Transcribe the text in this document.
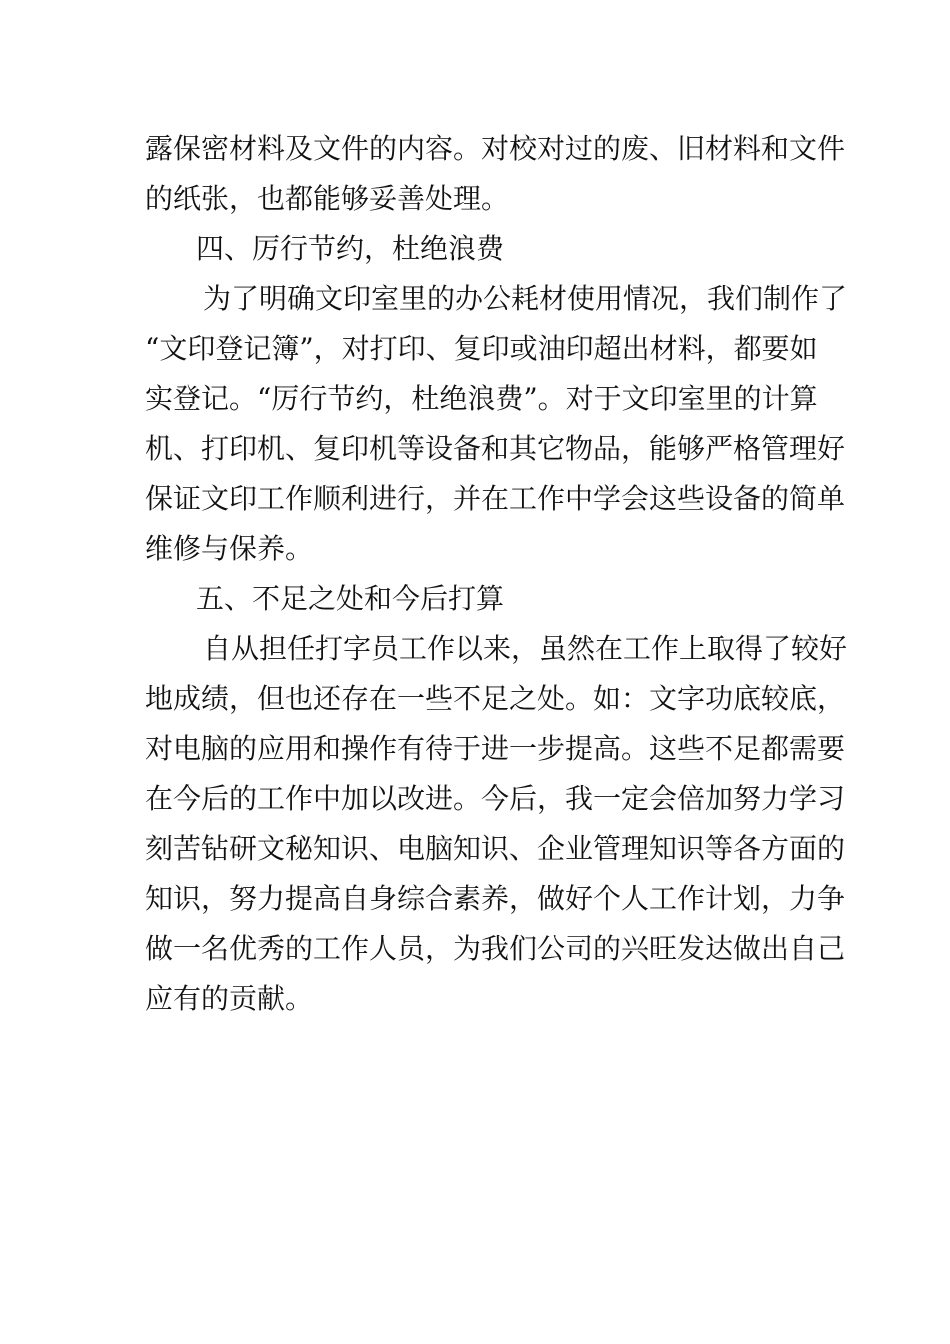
露保密材料及文件的内容。对校对过的废、旧材料和文件
的纸张，也都能够妥善处理。
四、厉行节约，杜绝浪费
为了明确文印室里的办公耗材使用情况，我们制作了
“文印登记簿”，对打印、复印或油印超出材料，都要如
实登记。“厉行节约，杜绝浪费”。对于文印室里的计算
机、打印机、复印机等设备和其它物品，能够严格管理好
保证文印工作顺利进行，并在工作中学会这些设备的简单
维修与保养。
五、不足之处和今后打算
自从担任打字员工作以来，虽然在工作上取得了较好
地成绩，但也还存在一些不足之处。如：文字功底较底，
对电脑的应用和操作有待于进一步提高。这些不足都需要
在今后的工作中加以改进。今后，我一定会倍加努力学习
刻苦钻研文秘知识、电脑知识、企业管理知识等各方面的
知识，努力提高自身综合素养，做好个人工作计划，力争
做一名优秀的工作人员，为我们公司的兴旺发达做出自己
应有的贡献。
